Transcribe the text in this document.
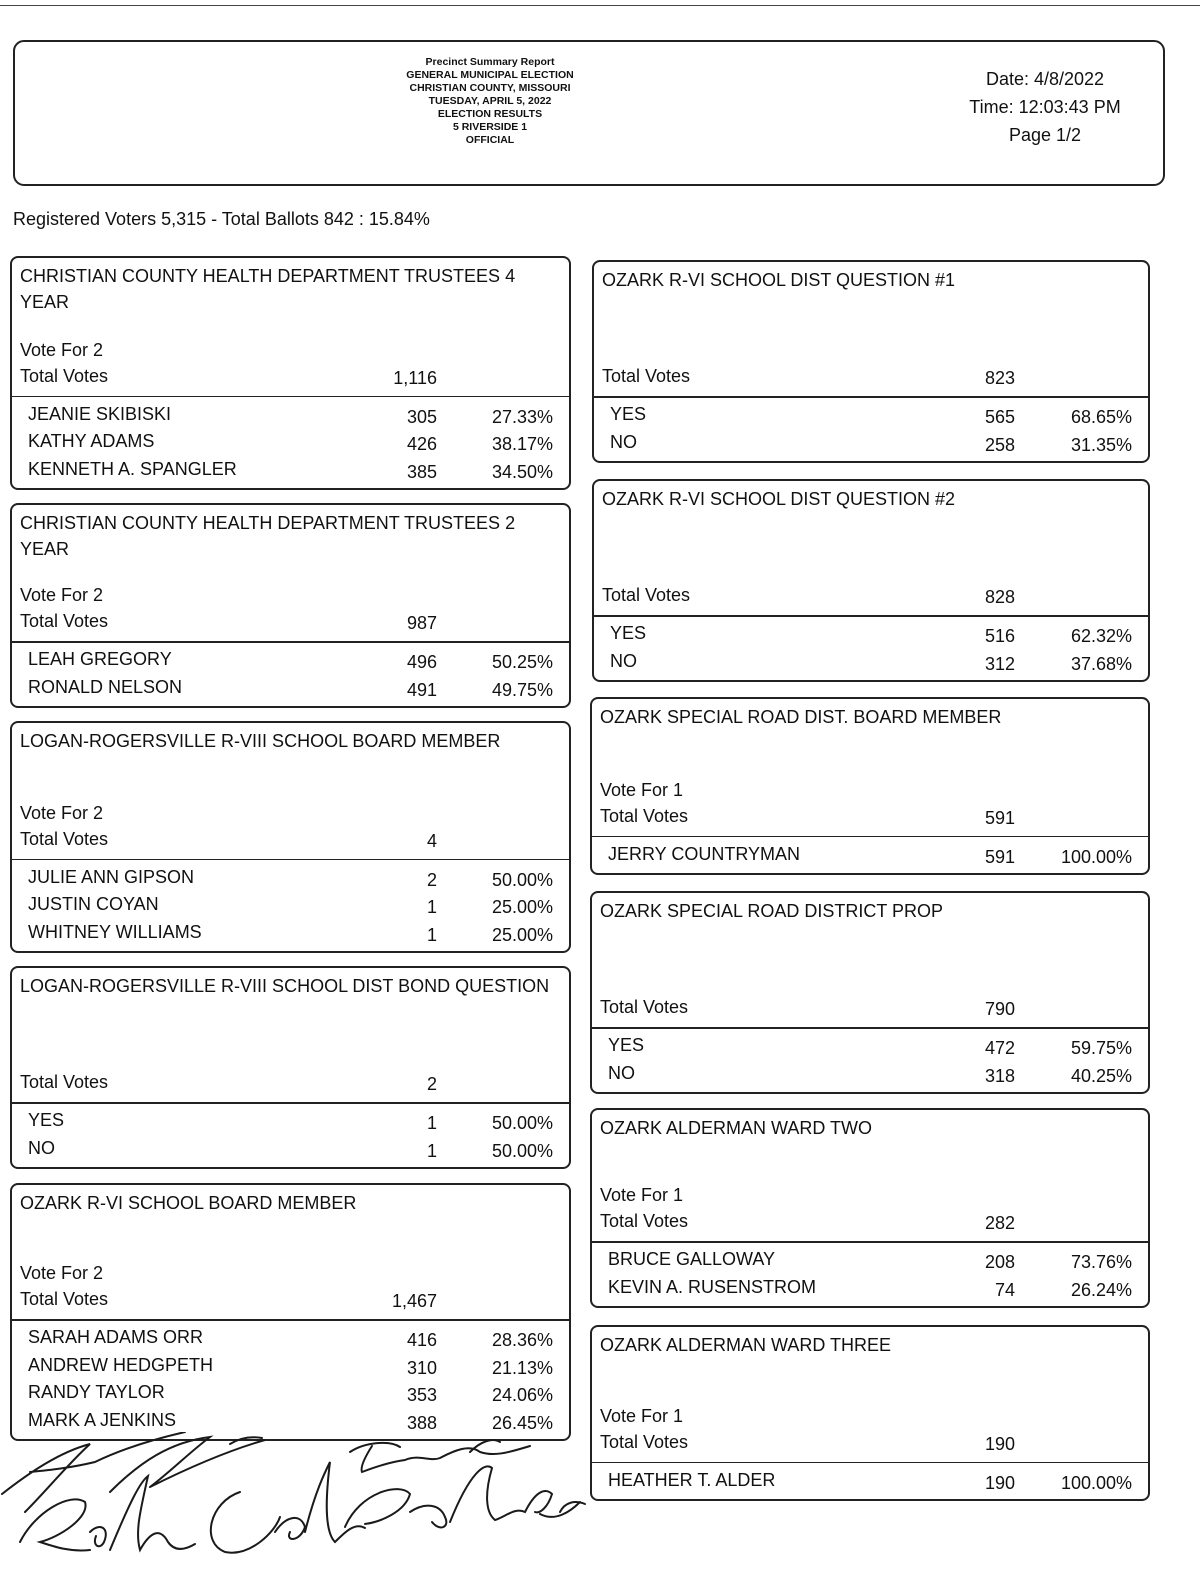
Precinct Summary Report
GENERAL MUNICIPAL ELECTION
CHRISTIAN COUNTY, MISSOURI
TUESDAY, APRIL 5, 2022
ELECTION RESULTS
5 RIVERSIDE 1
OFFICIAL
Date: 4/8/2022
Time: 12:03:43 PM
Page 1/2
Registered Voters 5,315 - Total Ballots 842 : 15.84%
CHRISTIAN COUNTY HEALTH DEPARTMENT TRUSTEES 4 YEAR
Vote For 2
Total Votes	1,116
JEANIE SKIBISKI	305	27.33%
KATHY ADAMS	426	38.17%
KENNETH A. SPANGLER	385	34.50%
CHRISTIAN COUNTY HEALTH DEPARTMENT TRUSTEES 2 YEAR
Vote For 2
Total Votes	987
LEAH GREGORY	496	50.25%
RONALD NELSON	491	49.75%
LOGAN-ROGERSVILLE R-VIII SCHOOL BOARD MEMBER
Vote For 2
Total Votes	4
JULIE ANN GIPSON	2	50.00%
JUSTIN COYAN	1	25.00%
WHITNEY WILLIAMS	1	25.00%
LOGAN-ROGERSVILLE R-VIII SCHOOL DIST BOND QUESTION
Total Votes	2
YES	1	50.00%
NO	1	50.00%
OZARK R-VI SCHOOL BOARD MEMBER
Vote For 2
Total Votes	1,467
SARAH ADAMS ORR	416	28.36%
ANDREW HEDGPETH	310	21.13%
RANDY TAYLOR	353	24.06%
MARK A JENKINS	388	26.45%
OZARK R-VI SCHOOL DIST QUESTION #1
Total Votes	823
YES	565	68.65%
NO	258	31.35%
OZARK R-VI SCHOOL DIST QUESTION #2
Total Votes	828
YES	516	62.32%
NO	312	37.68%
OZARK SPECIAL ROAD DIST. BOARD MEMBER
Vote For 1
Total Votes	591
JERRY COUNTRYMAN	591	100.00%
OZARK SPECIAL ROAD DISTRICT PROP
Total Votes	790
YES	472	59.75%
NO	318	40.25%
OZARK ALDERMAN WARD TWO
Vote For 1
Total Votes	282
BRUCE GALLOWAY	208	73.76%
KEVIN A. RUSENSTROM	74	26.24%
OZARK ALDERMAN WARD THREE
Vote For 1
Total Votes	190
HEATHER T. ALDER	190	100.00%
